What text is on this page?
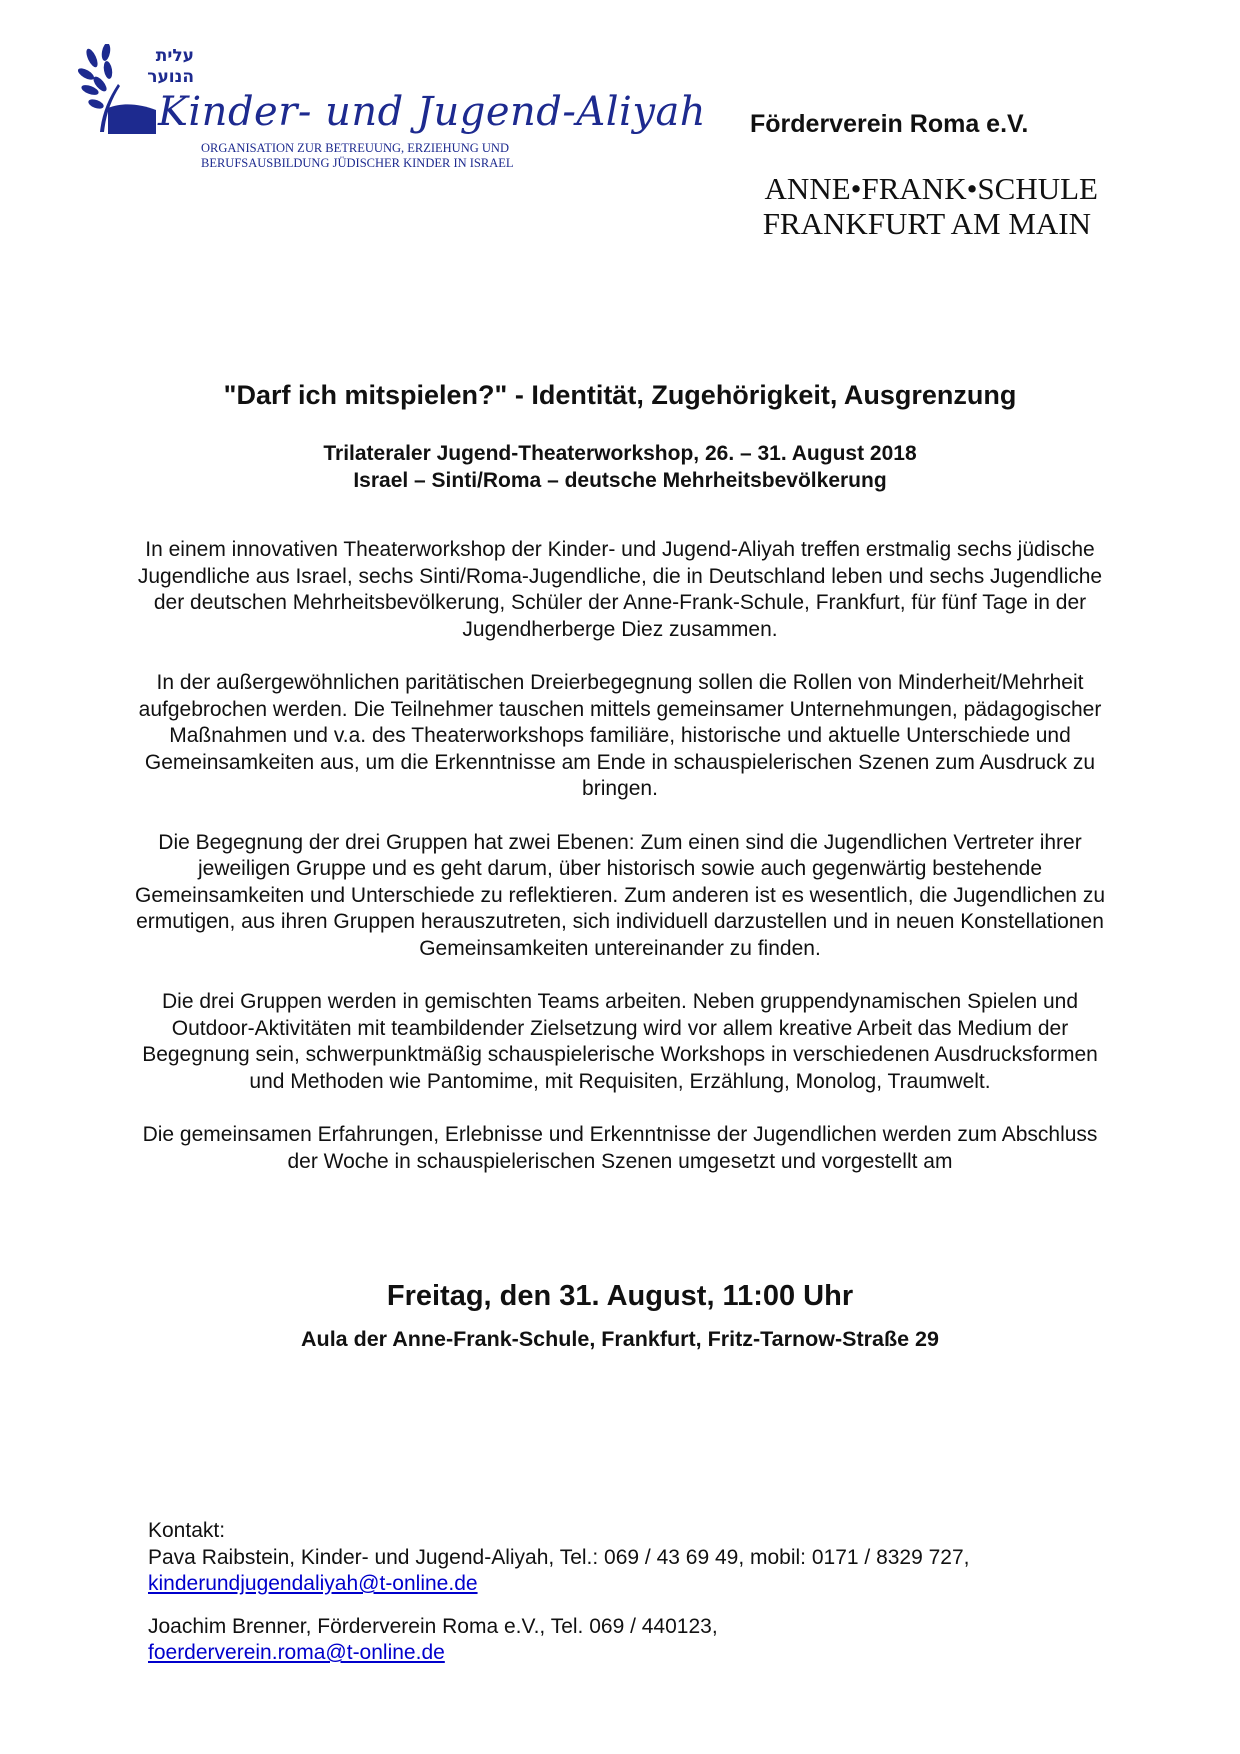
עלית
הנוער
Kinder- und Jugend-Aliyah
ORGANISATION ZUR BETREUUNG, ERZIEHUNG UND
BERUFSAUSBILDUNG JÜDISCHER KINDER IN ISRAEL
Förderverein Roma e.V.
ANNE•FRANK•SCHULE
FRANKFURT AM MAIN
"Darf ich mitspielen?" - Identität, Zugehörigkeit, Ausgrenzung
Trilateraler Jugend-Theaterworkshop, 26. – 31. August 2018
Israel – Sinti/Roma – deutsche Mehrheitsbevölkerung

In einem innovativen Theaterworkshop der Kinder- und Jugend-Aliyah treffen erstmalig sechs jüdische Jugendliche aus Israel, sechs Sinti/Roma-Jugendliche, die in Deutschland leben und sechs Jugendliche der deutschen Mehrheitsbevölkerung, Schüler der Anne-Frank-Schule, Frankfurt, für fünf Tage in der Jugendherberge Diez zusammen.

In der außergewöhnlichen paritätischen Dreierbegegnung sollen die Rollen von Minderheit/Mehrheit aufgebrochen werden. Die Teilnehmer tauschen mittels gemeinsamer Unternehmungen, pädagogischer Maßnahmen und v.a. des Theaterworkshops familiäre, historische und aktuelle Unterschiede und Gemeinsamkeiten aus, um die Erkenntnisse am Ende in schauspielerischen Szenen zum Ausdruck zu bringen.

Die Begegnung der drei Gruppen hat zwei Ebenen: Zum einen sind die Jugendlichen Vertreter ihrer jeweiligen Gruppe und es geht darum, über historisch sowie auch gegenwärtig bestehende Gemeinsamkeiten und Unterschiede zu reflektieren. Zum anderen ist es wesentlich, die Jugendlichen zu ermutigen, aus ihren Gruppen herauszutreten, sich individuell darzustellen und in neuen Konstellationen Gemeinsamkeiten untereinander zu finden.

Die drei Gruppen werden in gemischten Teams arbeiten. Neben gruppendynamischen Spielen und Outdoor-Aktivitäten mit teambildender Zielsetzung wird vor allem kreative Arbeit das Medium der Begegnung sein, schwerpunktmäßig schauspielerische Workshops in verschiedenen Ausdrucksformen und Methoden wie Pantomime, mit Requisiten, Erzählung, Monolog, Traumwelt.

Die gemeinsamen Erfahrungen, Erlebnisse und Erkenntnisse der Jugendlichen werden zum Abschluss der Woche in schauspielerischen Szenen umgesetzt und vorgestellt am

Freitag, den 31. August, 11:00 Uhr
Aula der Anne-Frank-Schule, Frankfurt, Fritz-Tarnow-Straße 29
Kontakt:
Pava Raibstein, Kinder- und Jugend-Aliyah, Tel.: 069 / 43 69 49, mobil: 0171 / 8329 727,
kinderundjugendaliyah@t-online.de
Joachim Brenner, Förderverein Roma e.V., Tel. 069 / 440123,
foerderverein.roma@t-online.de
